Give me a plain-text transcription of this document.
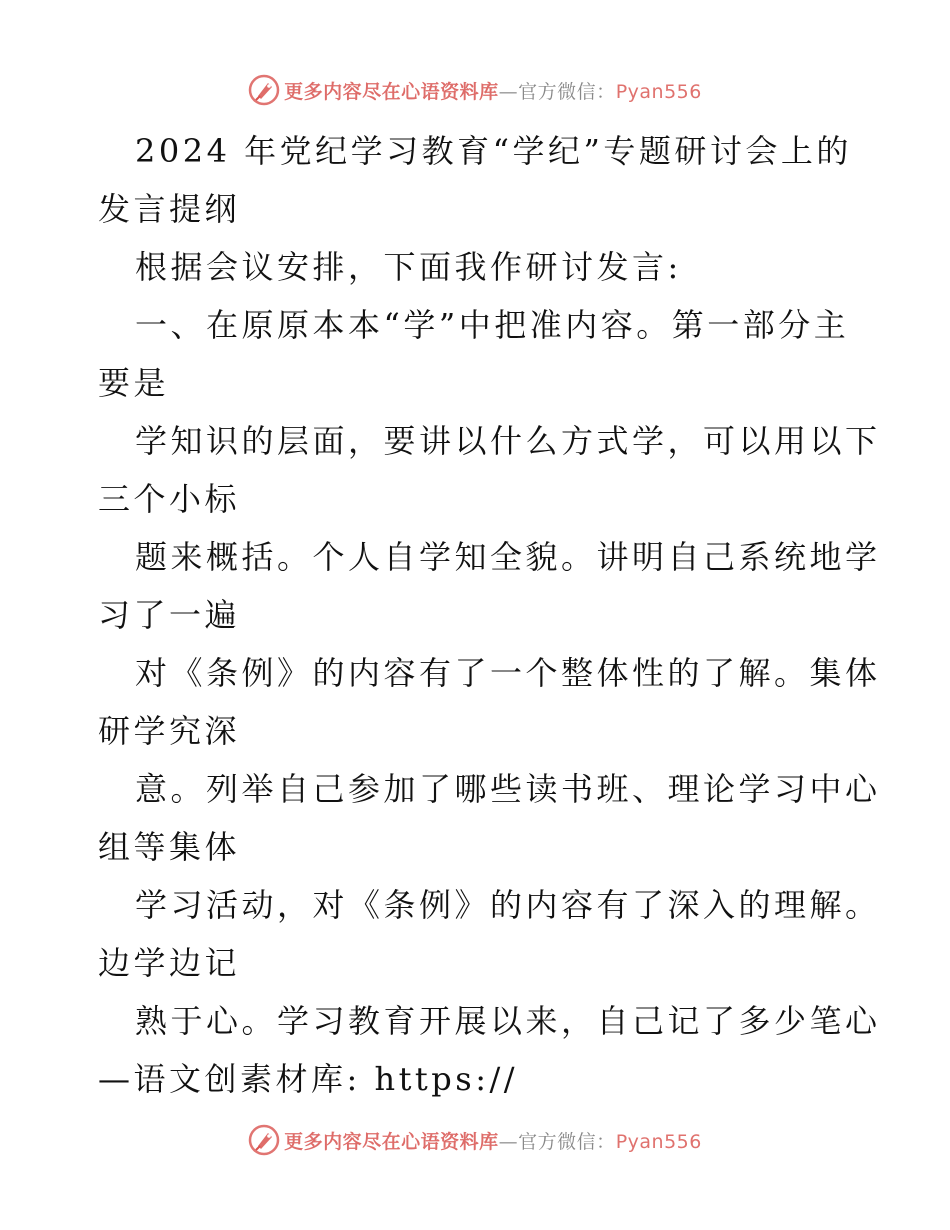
更多内容尽在心语资料库—官方微信：Pyan556
2024 年党纪学习教育“学纪”专题研讨会上的
发言提纲
根据会议安排，下面我作研讨发言:
一、在原原本本“学”中把准内容。第一部分主
要是
学知识的层面，要讲以什么方式学，可以用以下
三个小标
题来概括。个人自学知全貌。讲明自己系统地学
习了一遍
对《条例》的内容有了一个整体性的了解。集体
研学究深
意。列举自己参加了哪些读书班、理论学习中心
组等集体
学习活动，对《条例》的内容有了深入的理解。
边学边记
熟于心。学习教育开展以来，自己记了多少笔心
—语文创素材库: https://
更多内容尽在心语资料库—官方微信：Pyan556
